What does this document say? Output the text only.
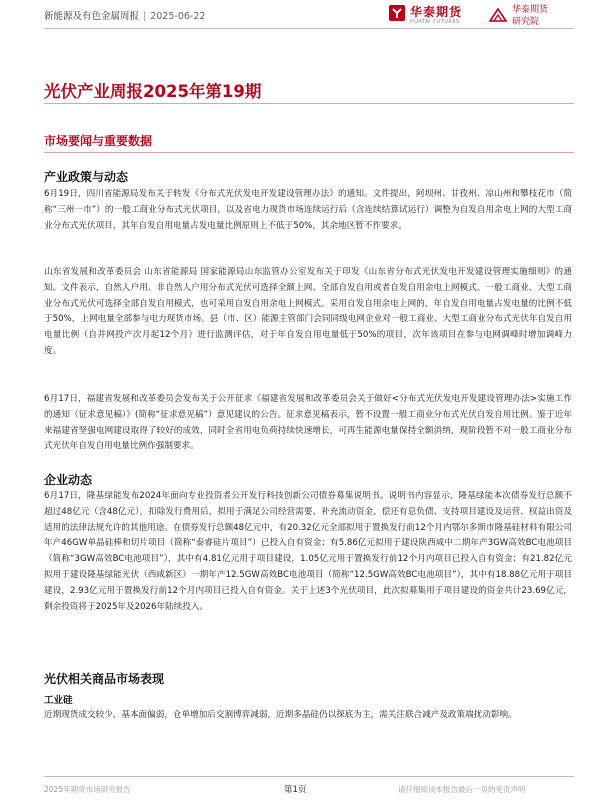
新能源及有色金属周报 | 2025-06-22	华泰期货
HUATAI FUTURES
华泰期货
研究院
光伏产业周报2025年第19期
市场要闻与重要数据
产业政策与动态

6月19日，四川省能源局发布关于转发《分布式光伏发电开发建设管理办法》的通知。文件提出，阿坝州、甘孜州、凉山州和攀枝花市（简称“三州一市”）的一般工商业分布式光伏项目，以及省电力现货市场连续运行后（含连续结算试运行）调整为自发自用余电上网的大型工商业分布式光伏项目，其年自发自用电量占发电量比例原则上不低于50%，其余地区暂不作要求。

山东省发展和改革委员会 山东省能源局 国家能源局山东监管办公室发布关于印发《山东省分布式光伏发电开发建设管理实施细则》的通知。文件表示，自然人户用、非自然人户用分布式光伏可选择全额上网、全部自发自用或者自发自用余电上网模式。一般工商业、大型工商业分布式光伏可选择全部自发自用模式，也可采用自发自用余电上网模式。采用自发自用余电上网的，年自发自用电量占发电量的比例不低于50%，上网电量全部参与电力现货市场。县（市、区）能源主管部门会同同级电网企业对一般工商业、大型工商业分布式光伏年自发自用电量比例（自并网投产次月起12个月）进行监测评估，对于年自发自用电量低于50%的项目，次年该项目在参与电网调峰时增加调峰力度。

6月17日，福建省发展和改革委员会发布关于公开征求《福建省发展和改革委员会关于做好<分布式光伏发电开发建设管理办法>实施工作的通知（征求意见稿）》(简称“征求意见稿”）意见建议的公告。征求意见稿表示，暂不设置一般工商业分布式光伏自发自用比例。鉴于近年来福建省坚强电网建设取得了较好的成效，同时全省用电负荷持续快速增长，可再生能源电量保持全额消纳，现阶段暂不对一般工商业分布式光伏年自发自用电量比例作强制要求。

企业动态

6月17日，隆基绿能发布2024年面向专业投资者公开发行科技创新公司债券募集说明书。说明书内容显示，隆基绿能本次债券发行总额不超过48亿元（含48亿元），扣除发行费用后，拟用于满足公司经营需要、补充流动资金、偿还有息负债、支持项目建设及运营、权益出资及适用的法律法规允许的其他用途。在债券发行总额48亿元中，有20.32亿元全部拟用于置换发行前12个月内鄂尔多斯市隆基硅材料有限公司年产46GW单晶硅棒和切片项目（简称“泰睿硅片项目”）已投入自有资金；有5.86亿元拟用于建设陕西咸中二期年产3GW高效BC电池项目（简称“3GW高效BC电池项目”），其中有4.81亿元用于项目建设，1.05亿元用于置换发行前12个月内项目已投入自有资金；有21.82亿元拟用于建设隆基绿能光伏（西咸新区）一期年产12.5GW高效BC电池项目（简称“12.5GW高效BC电池项目”），其中有18.88亿元用于项目建设，2.93亿元用于置换发行前12个月内项目已投入自有资金。关于上述3个光伏项目，此次拟募集用于项目建设的资金共计23.69亿元，剩余投资将于2025年及2026年陆续投入。

光伏相关商品市场表现
工业硅

近期现货成交较少，基本面偏弱，仓单增加后交割博弈减弱，近期多晶硅仍以探底为主，需关注联合减产及政策端扰动影响。

2025年期货市场研究报告	第1页	请仔细阅读本报告最后一页的免责声明
